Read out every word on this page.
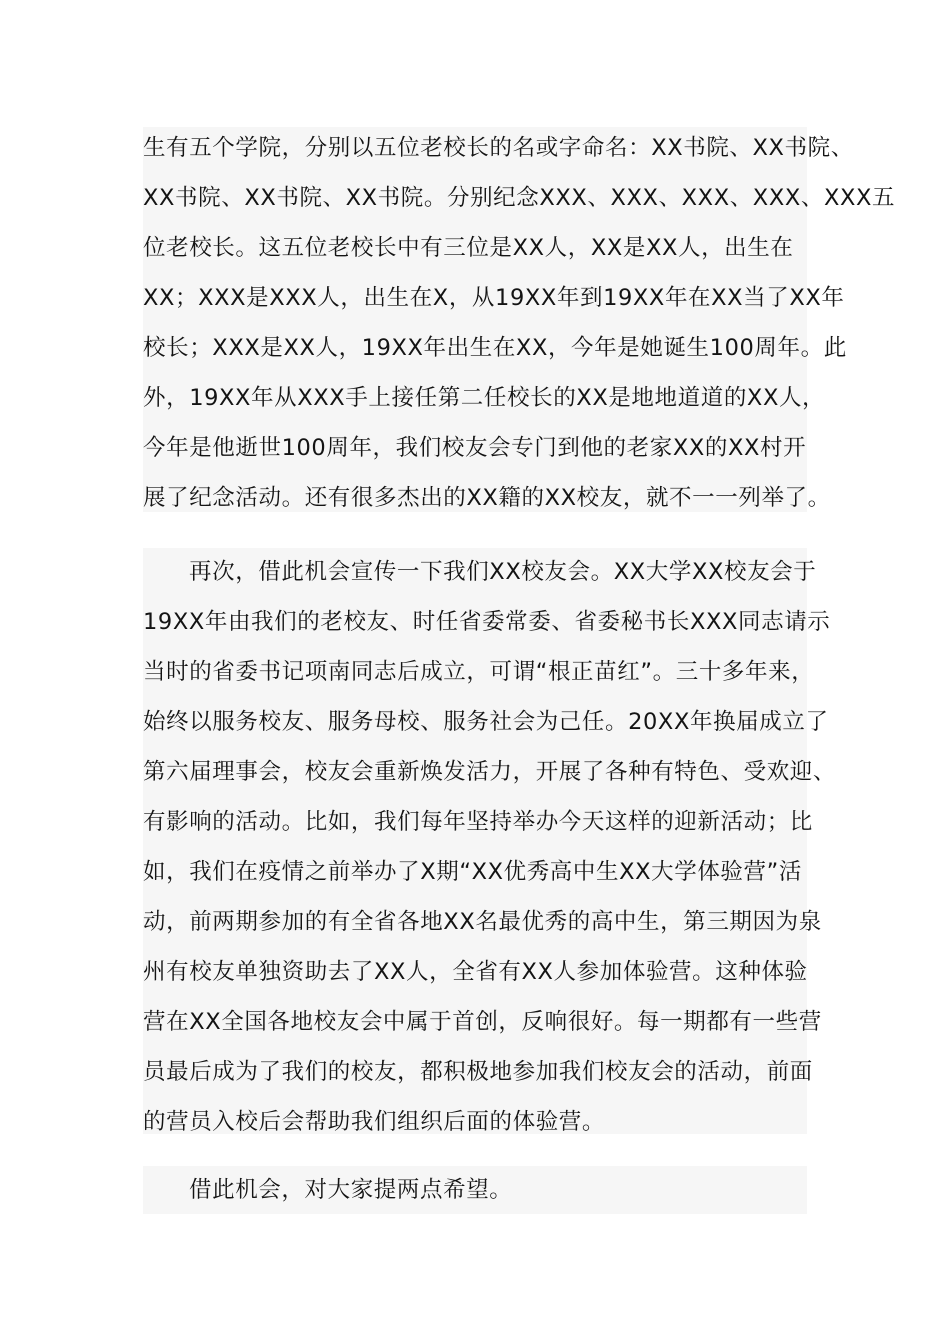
生有五个学院，分别以五位老校长的名或字命名：XX书院、XX书院、
XX书院、XX书院、XX书院。分别纪念XXX、XXX、XXX、XXX、XXX五
位老校长。这五位老校长中有三位是XX人，XX是XX人，出生在
XX；XXX是XXX人，出生在X，从19XX年到19XX年在XX当了XX年
校长；XXX是XX人，19XX年出生在XX，今年是她诞生100周年。此
外，19XX年从XXX手上接任第二任校长的XX是地地道道的XX人，
今年是他逝世100周年，我们校友会专门到他的老家XX的XX村开
展了纪念活动。还有很多杰出的XX籍的XX校友，就不一一列举了。
再次，借此机会宣传一下我们XX校友会。XX大学XX校友会于
19XX年由我们的老校友、时任省委常委、省委秘书长XXX同志请示
当时的省委书记项南同志后成立，可谓“根正苗红”。三十多年来，
始终以服务校友、服务母校、服务社会为己任。20XX年换届成立了
第六届理事会，校友会重新焕发活力，开展了各种有特色、受欢迎、
有影响的活动。比如，我们每年坚持举办今天这样的迎新活动；比
如，我们在疫情之前举办了X期“XX优秀高中生XX大学体验营”活
动，前两期参加的有全省各地XX名最优秀的高中生，第三期因为泉
州有校友单独资助去了XX人，全省有XX人参加体验营。这种体验
营在XX全国各地校友会中属于首创，反响很好。每一期都有一些营
员最后成为了我们的校友，都积极地参加我们校友会的活动，前面
的营员入校后会帮助我们组织后面的体验营。
借此机会，对大家提两点希望。
